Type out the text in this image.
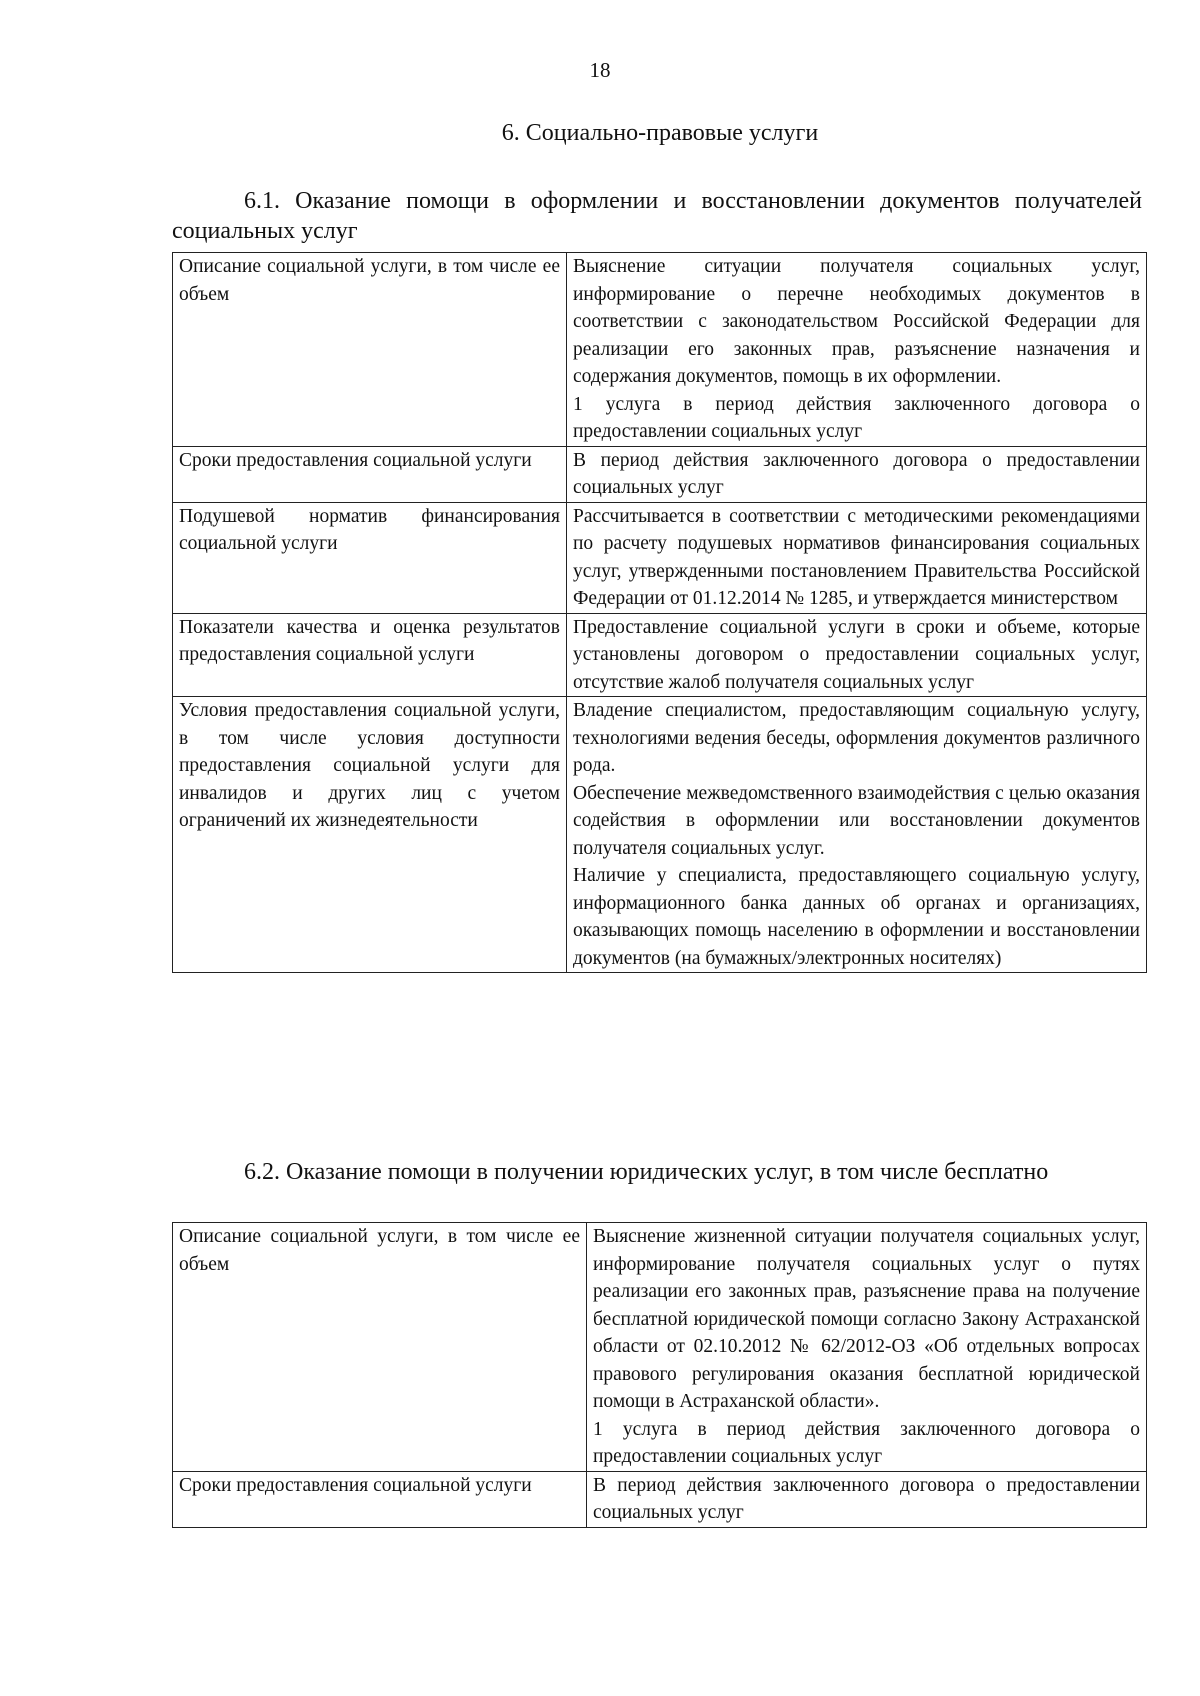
18
6. Социально-правовые услуги
6.1. Оказание помощи в оформлении и восстановлении документов получателей социальных услуг
Описание социальной услуги, в том числе ее объем	Выяснение ситуации получателя социальных услуг, информирование о перечне необходимых документов в соответствии с законодательством Российской Федерации для реализации его законных прав, разъяснение назначения и содержания документов, помощь в их оформлении.
1 услуга в период действия заключенного договора о предоставлении социальных услуг

Сроки предоставления социальной услуги	В период действия заключенного договора о предоставлении социальных услуг

Подушевой норматив финансирования социальной услуги	Рассчитывается в соответствии с методическими рекомендациями по расчету подушевых нормативов финансирования социальных услуг, утвержденными постановлением Правительства Российской Федерации от 01.12.2014 № 1285, и утверждается министерством

Показатели качества и оценка результатов предоставления социальной услуги	Предоставление социальной услуги в сроки и объеме, которые установлены договором о предоставлении социальных услуг, отсутствие жалоб получателя социальных услуг

Условия предоставления социальной услуги, в том числе условия доступности предоставления социальной услуги для инвалидов и других лиц с учетом ограничений их жизнедеятельности	Владение специалистом, предоставляющим социальную услугу, технологиями ведения беседы, оформления документов различного рода.
Обеспечение межведомственного взаимодействия с целью оказания содействия в оформлении или восстановлении документов получателя социальных услуг.
Наличие у специалиста, предоставляющего социальную услугу, информационного банка данных об органах и организациях, оказывающих помощь населению в оформлении и восстановлении документов (на бумажных/электронных носителях)
6.2. Оказание помощи в получении юридических услуг, в том числе бесплатно
Описание социальной услуги, в том числе ее объем	Выяснение жизненной ситуации получателя социальных услуг, информирование получателя социальных услуг о путях реализации его законных прав, разъяснение права на получение бесплатной юридической помощи согласно Закону Астраханской области от 02.10.2012 № 62/2012-ОЗ «Об отдельных вопросах правового регулирования оказания бесплатной юридической помощи в Астраханской области».
1 услуга в период действия заключенного договора о предоставлении социальных услуг

Сроки предоставления социальной услуги	В период действия заключенного договора о предоставлении социальных услуг
